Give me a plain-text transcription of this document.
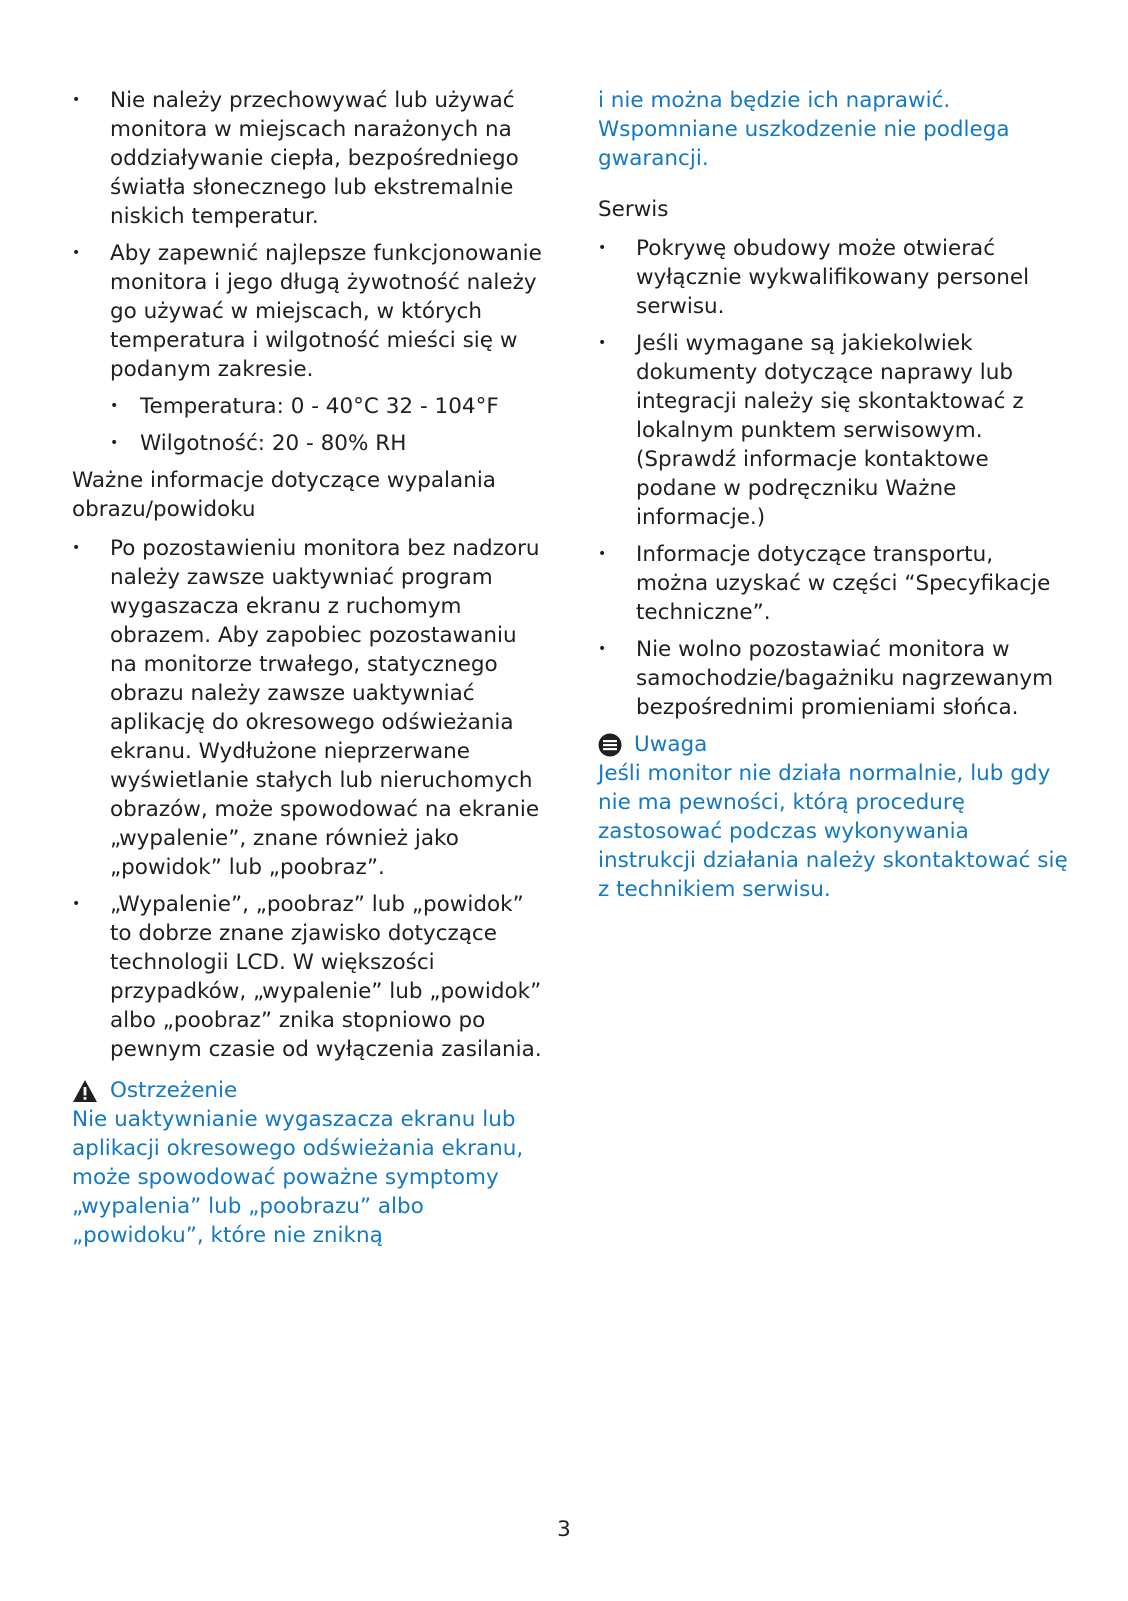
• Nie należy przechowywać lub używać monitora w miejscach narażonych na oddziaływanie ciepła, bezpośredniego światła słonecznego lub ekstremalnie niskich temperatur.
• Aby zapewnić najlepsze funkcjonowanie monitora i jego długą żywotność należy go używać w miejscach, w których temperatura i wilgotność mieści się w podanym zakresie.
• Temperatura: 0 - 40°C 32 - 104°F
• Wilgotność: 20 - 80% RH

Ważne informacje dotyczące wypalania obrazu/powidoku

• Po pozostawieniu monitora bez nadzoru należy zawsze uaktywniać program wygaszacza ekranu z ruchomym obrazem. Aby zapobiec pozostawaniu na monitorze trwałego, statycznego obrazu należy zawsze uaktywniać aplikację do okresowego odświeżania ekranu. Wydłużone nieprzerwane wyświetlanie stałych lub nieruchomych obrazów, może spowodować na ekranie „wypalenie”, znane również jako „powidok” lub „poobraz”.
• „Wypalenie”, „poobraz” lub „powidok” to dobrze znane zjawisko dotyczące technologii LCD. W większości przypadków, „wypalenie” lub „powidok” albo „poobraz” znika stopniowo po pewnym czasie od wyłączenia zasilania.
Ostrzeżenie

Nie uaktywnianie wygaszacza ekranu lub aplikacji okresowego odświeżania ekranu, może spowodować poważne symptomy „wypalenia” lub „poobrazu” albo „powidoku”, które nie znikną

i nie można będzie ich naprawić. Wspomniane uszkodzenie nie podlega gwarancji.

Serwis

• Pokrywę obudowy może otwierać wyłącznie wykwalifikowany personel serwisu.
• Jeśli wymagane są jakiekolwiek dokumenty dotyczące naprawy lub integracji należy się skontaktować z lokalnym punktem serwisowym. (Sprawdź informacje kontaktowe podane w podręczniku Ważne informacje.)
• Informacje dotyczące transportu, można uzyskać w części “Specyfikacje techniczne”.
• Nie wolno pozostawiać monitora w samochodzie/bagażniku nagrzewanym bezpośrednimi promieniami słońca.
Uwaga

Jeśli monitor nie działa normalnie, lub gdy nie ma pewności, którą procedurę zastosować podczas wykonywania instrukcji działania należy skontaktować się z technikiem serwisu.

3
